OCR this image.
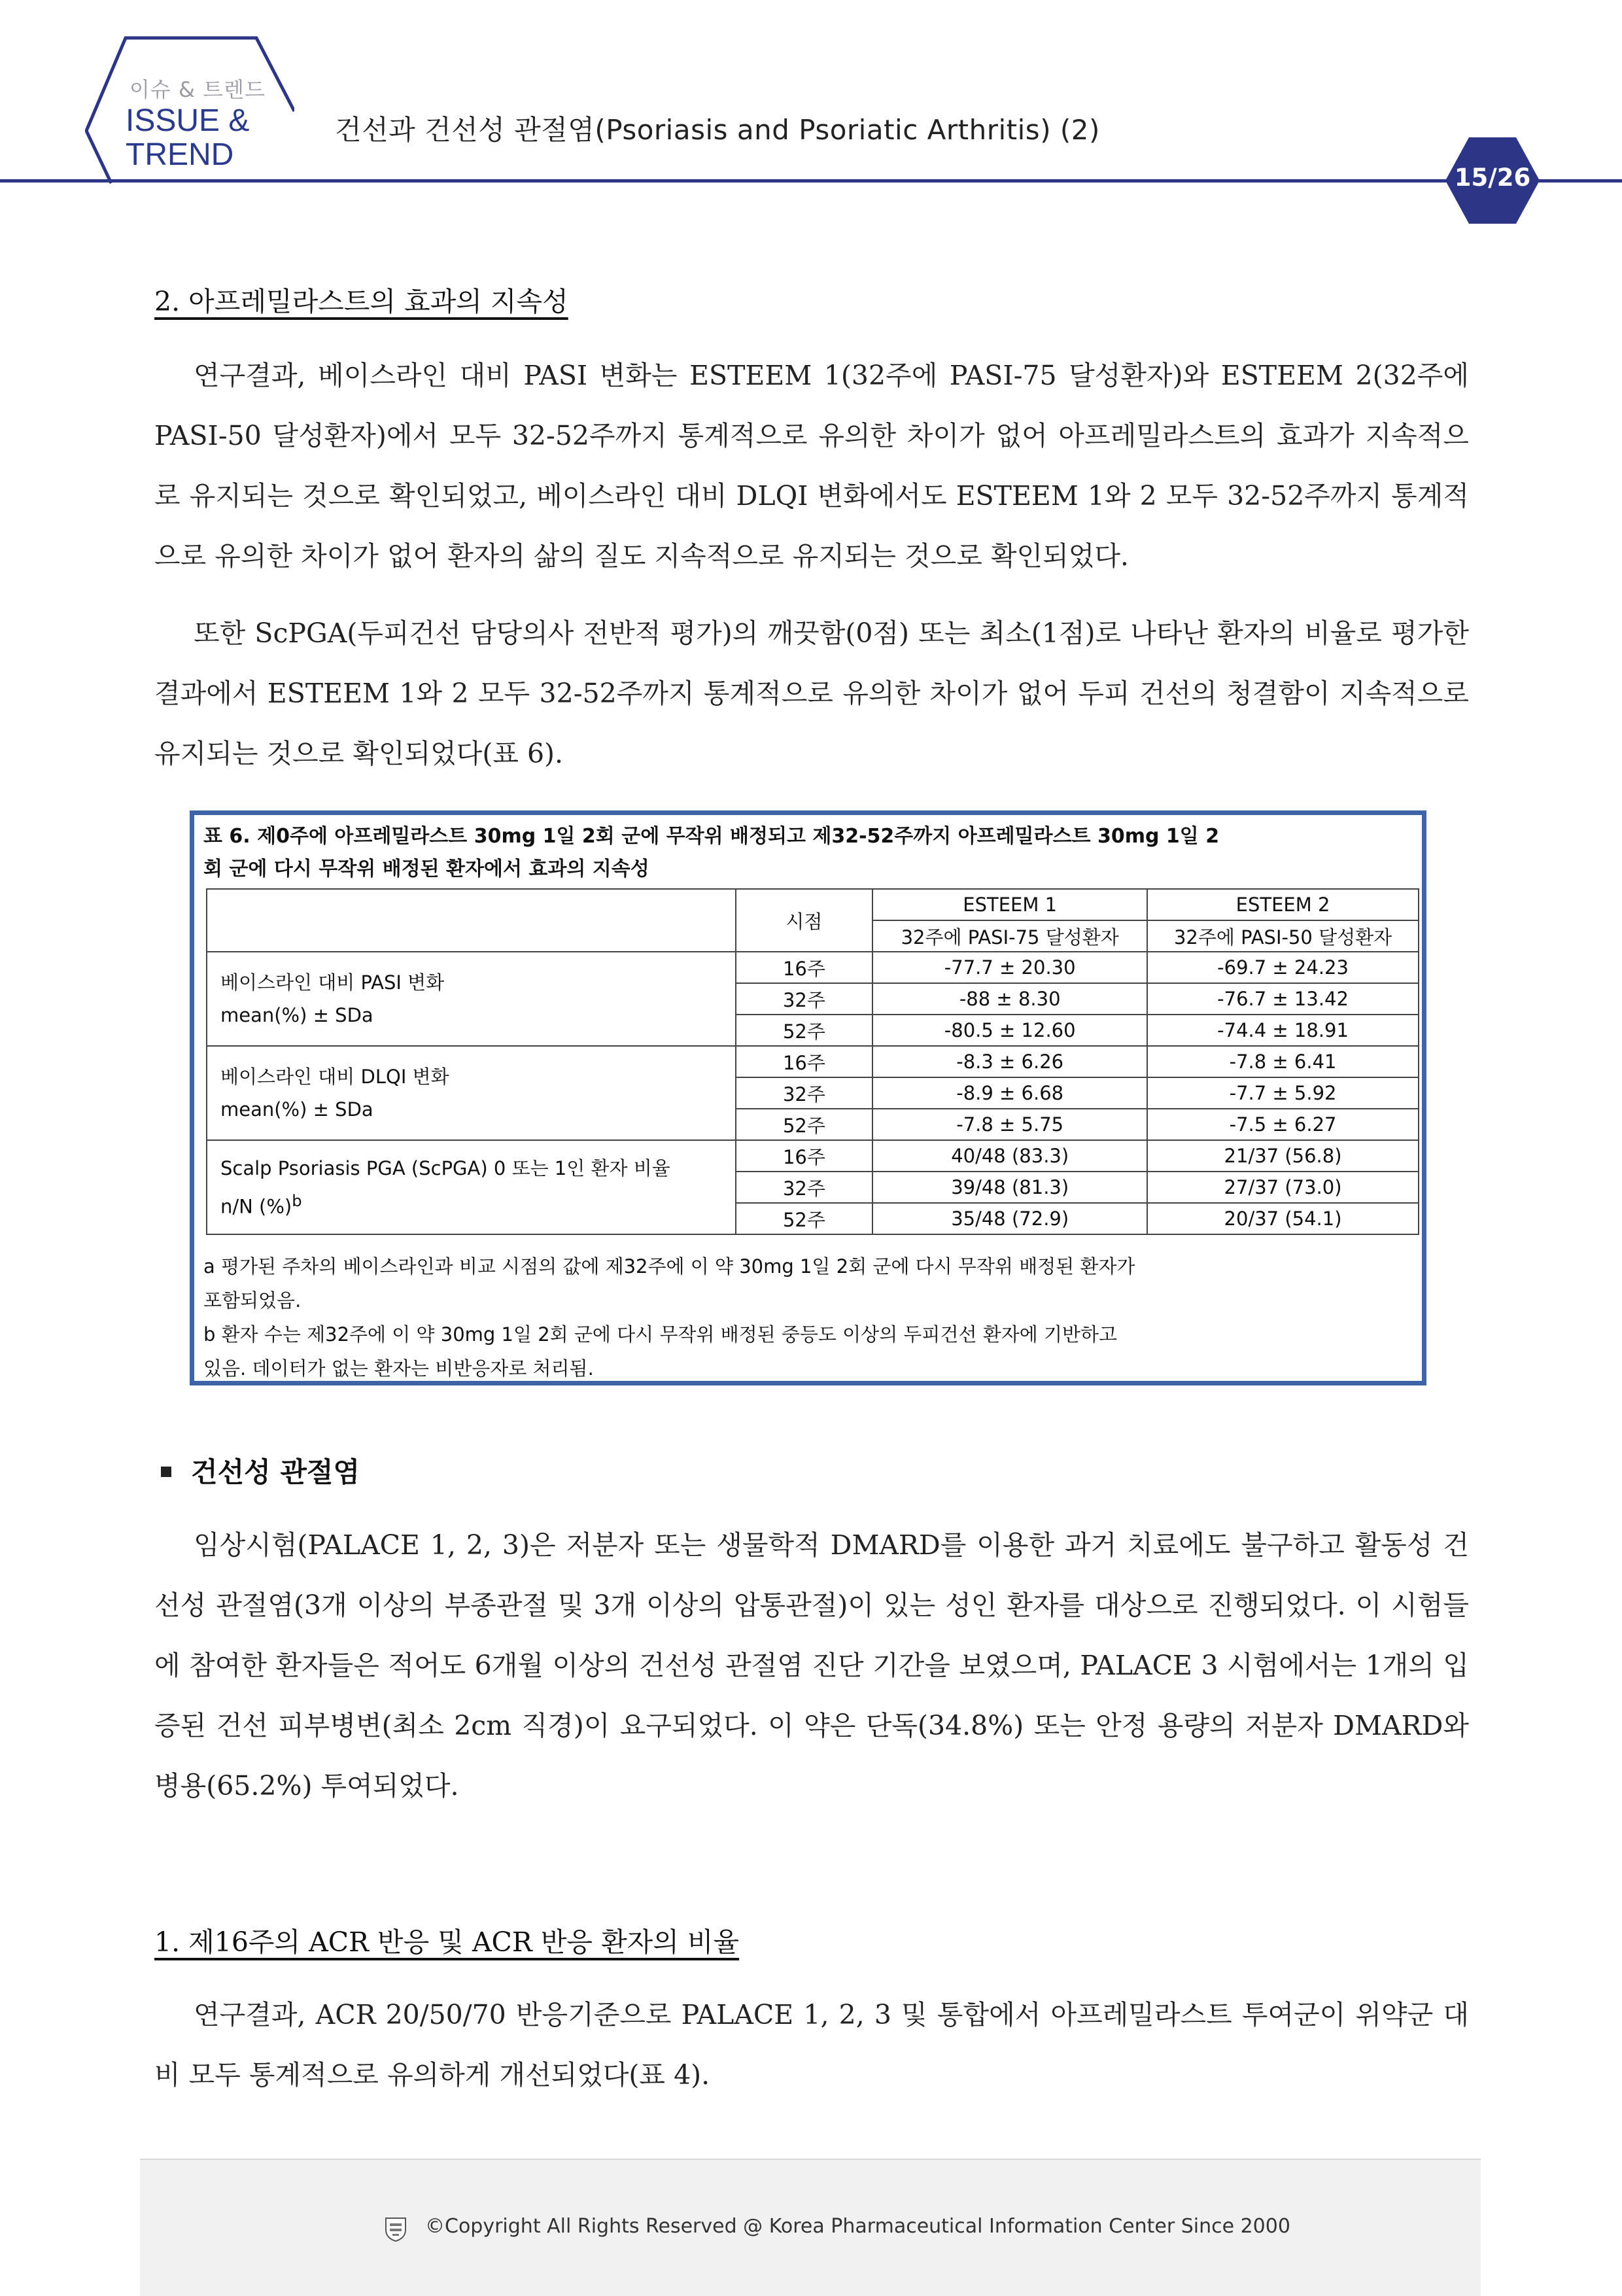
이슈 & 트렌드
ISSUE &
TREND
건선과 건선성 관절염(Psoriasis and Psoriatic Arthritis) (2)
15/26
2. 아프레밀라스트의 효과의 지속성

연구결과, 베이스라인 대비 PASI 변화는 ESTEEM 1(32주에 PASI-75 달성환자)와 ESTEEM 2(32주에 PASI-50 달성환자)에서 모두 32-52주까지 통계적으로 유의한 차이가 없어 아프레밀라스트의 효과가 지속적으로 유지되는 것으로 확인되었고, 베이스라인 대비 DLQI 변화에서도 ESTEEM 1와 2 모두 32-52주까지 통계적으로 유의한 차이가 없어 환자의 삶의 질도 지속적으로 유지되는 것으로 확인되었다.

또한 ScPGA(두피건선 담당의사 전반적 평가)의 깨끗함(0점) 또는 최소(1점)로 나타난 환자의 비율로 평가한 결과에서 ESTEEM 1와 2 모두 32-52주까지 통계적으로 유의한 차이가 없어 두피 건선의 청결함이 지속적으로 유지되는 것으로 확인되었다(표 6).

표 6. 제0주에 아프레밀라스트 30mg 1일 2회 군에 무작위 배정되고 제32-52주까지 아프레밀라스트 30mg 1일 2
회 군에 다시 무작위 배정된 환자에서 효과의 지속성
	시점	ESTEEM 1	ESTEEM 2
		32주에 PASI-75 달성환자	32주에 PASI-50 달성환자

베이스라인 대비 PASI 변화
mean(%) ± SDa	16주	-77.7 ± 20.30	-69.7 ± 24.23
	32주	-88 ± 8.30	-76.7 ± 13.42
	52주	-80.5 ± 12.60	-74.4 ± 18.91

베이스라인 대비 DLQI 변화
mean(%) ± SDa	16주	-8.3 ± 6.26	-7.8 ± 6.41
	32주	-8.9 ± 6.68	-7.7 ± 5.92
	52주	-7.8 ± 5.75	-7.5 ± 6.27

Scalp Psoriasis PGA (ScPGA) 0 또는 1인 환자 비율
n/N (%)$^b$	16주	40/48 (83.3)	21/37 (56.8)
	32주	39/48 (81.3)	27/37 (73.0)
	52주	35/48 (72.9)	20/37 (54.1)
a 평가된 주차의 베이스라인과 비교 시점의 값에 제32주에 이 약 30mg 1일 2회 군에 다시 무작위 배정된 환자가
포함되었음.
b 환자 수는 제32주에 이 약 30mg 1일 2회 군에 다시 무작위 배정된 중등도 이상의 두피건선 환자에 기반하고
있음. 데이터가 없는 환자는 비반응자로 처리됨.
건선성 관절염

임상시험(PALACE 1, 2, 3)은 저분자 또는 생물학적 DMARD를 이용한 과거 치료에도 불구하고 활동성 건선성 관절염(3개 이상의 부종관절 및 3개 이상의 압통관절)이 있는 성인 환자를 대상으로 진행되었다. 이 시험들에 참여한 환자들은 적어도 6개월 이상의 건선성 관절염 진단 기간을 보였으며, PALACE 3 시험에서는 1개의 입증된 건선 피부병변(최소 2cm 직경)이 요구되었다. 이 약은 단독(34.8%) 또는 안정 용량의 저분자 DMARD와 병용(65.2%) 투여되었다.

1. 제16주의 ACR 반응 및 ACR 반응 환자의 비율

연구결과, ACR 20/50/70 반응기준으로 PALACE 1, 2, 3 및 통합에서 아프레밀라스트 투여군이 위약군 대비 모두 통계적으로 유의하게 개선되었다(표 4).

©Copyright All Rights Reserved @ Korea Pharmaceutical Information Center Since 2000
